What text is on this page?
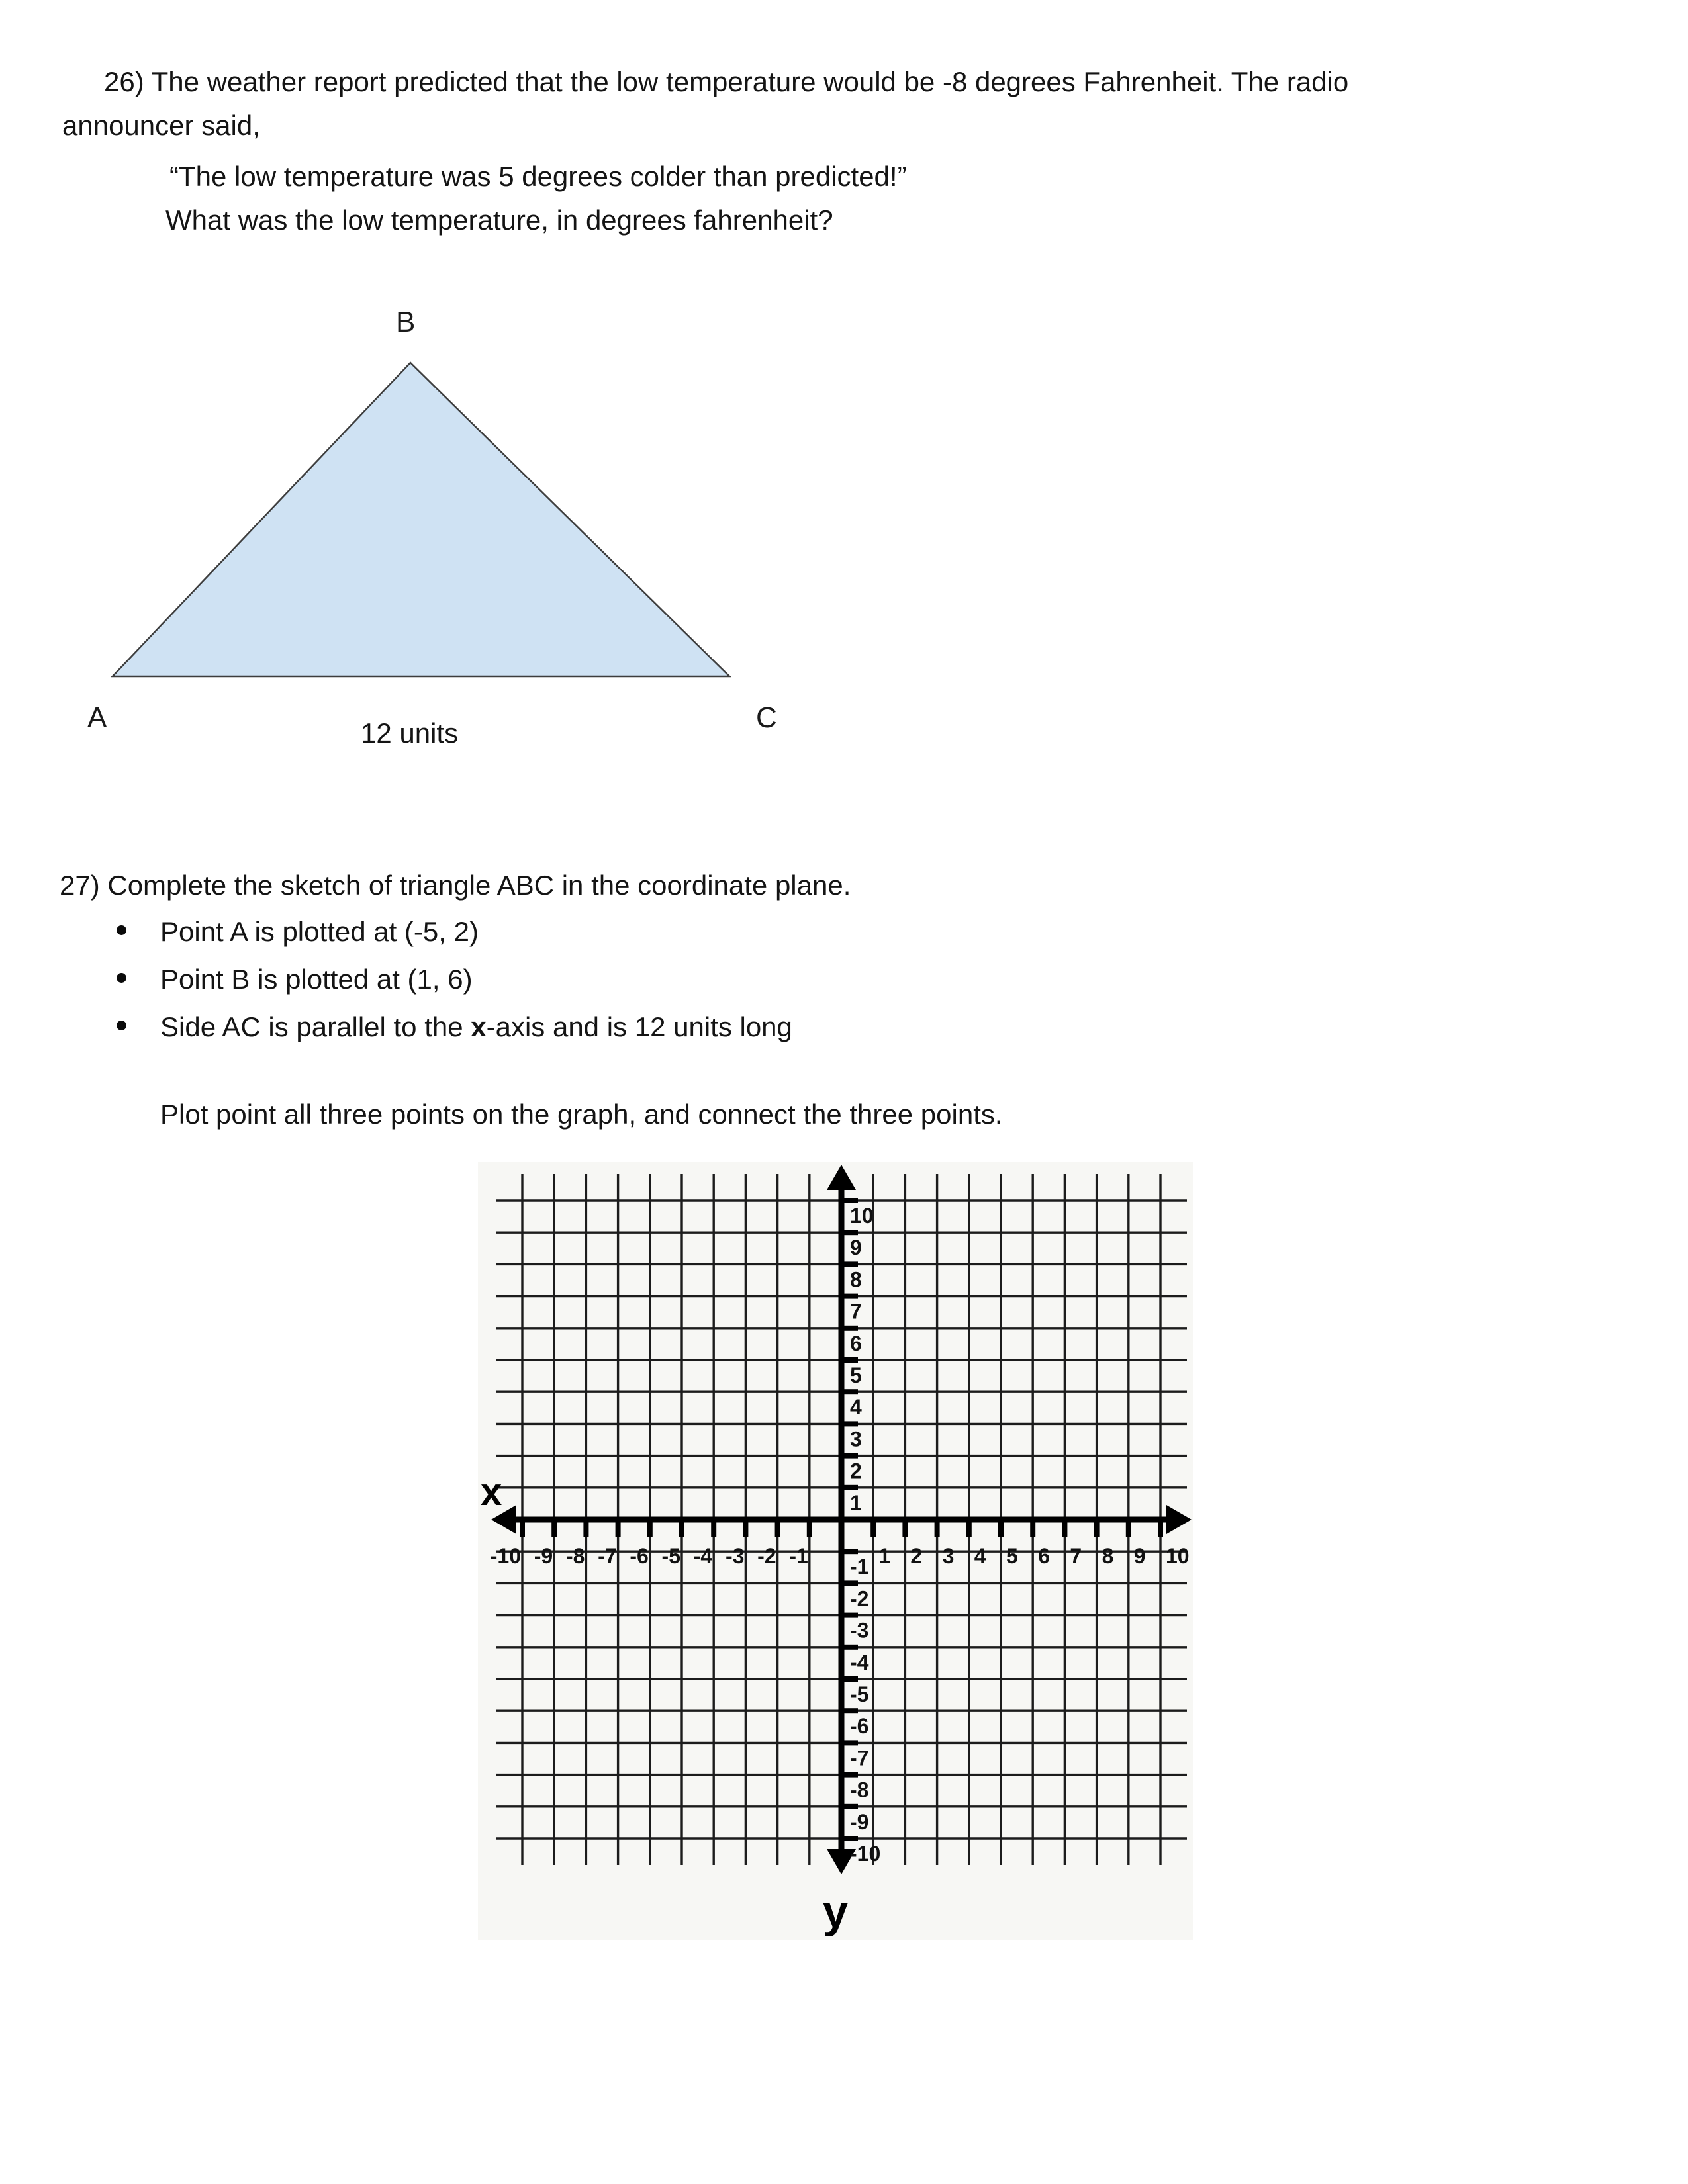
26) The weather report predicted that the low temperature would be -8 degrees Fahrenheit. The radio
announcer said,
“The low temperature was 5 degrees colder than predicted!”
What was the low temperature, in degrees fahrenheit?
B
A	C
12 units
27) Complete the sketch of triangle ABC in the coordinate plane.
Point A is plotted at (-5, 2)
Point B is plotted at (1, 6)
Side AC is parallel to the x-axis and is 12 units long
Plot point all three points on the graph, and connect the three points.
-10 -9 -8 -7 -6 -5 -4 -3 -2 -1	1 2 3 4 5 6 7 8 9 10
10
9
8
7
6
5
4
3
2
1
-1
-2
-3
-4
-5
-6
-7
-8
-9
-10
x
y
